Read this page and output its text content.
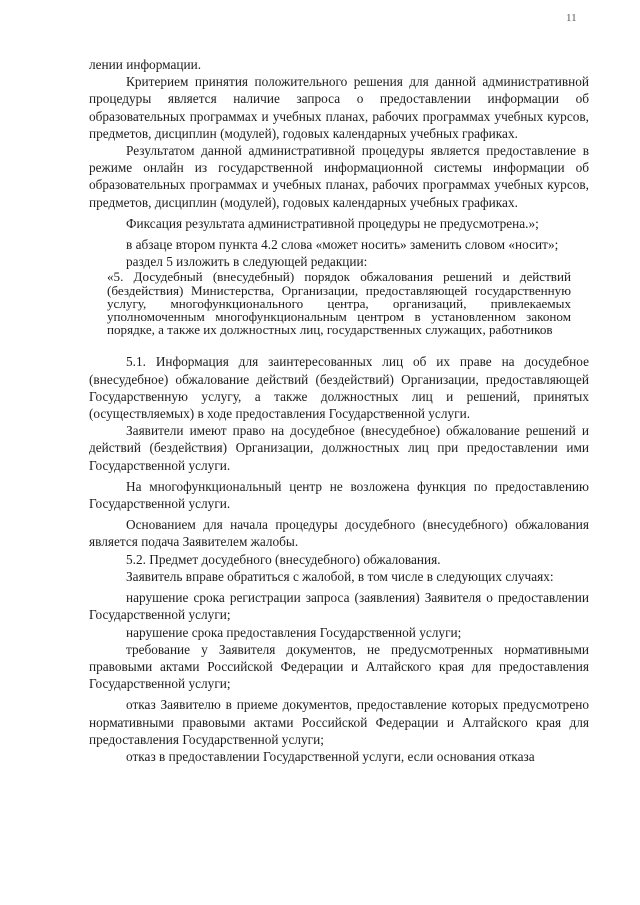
11

лении информации.

Критерием принятия положительного решения для данной административной процедуры является наличие запроса о предоставлении информации об образовательных программах и учебных планах, рабочих программах учебных курсов, предметов, дисциплин (модулей), годовых календарных учебных графиках.

Результатом данной административной процедуры является предоставление в режиме онлайн из государственной информационной системы информации об образовательных программах и учебных планах, рабочих программах учебных курсов, предметов, дисциплин (модулей), годовых календарных учебных графиках.

Фиксация результата административной процедуры не предусмотрена.»;

в абзаце втором пункта 4.2 слова «может носить» заменить словом «носит»;

раздел 5 изложить в следующей редакции:

«5. Досудебный (внесудебный) порядок обжалования решений и действий (бездействия) Министерства, Организации, предоставляющей государственную услугу, многофункционального центра, организаций, привлекаемых уполномоченным многофункциональным центром в установленном законом порядке, а также их должностных лиц, государственных служащих, работников

5.1. Информация для заинтересованных лиц об их праве на досудебное (внесудебное) обжалование действий (бездействий) Организации, предоставляющей Государственную услугу, а также должностных лиц и решений, принятых (осуществляемых) в ходе предоставления Государственной услуги.

Заявители имеют право на досудебное (внесудебное) обжалование решений и действий (бездействия) Организации, должностных лиц при предоставлении ими Государственной услуги.

На многофункциональный центр не возложена функция по предоставлению Государственной услуги.

Основанием для начала процедуры досудебного (внесудебного) обжалования является подача Заявителем жалобы.

5.2. Предмет досудебного (внесудебного) обжалования.

Заявитель вправе обратиться с жалобой, в том числе в следующих случаях:

нарушение срока регистрации запроса (заявления) Заявителя о предоставлении Государственной услуги;

нарушение срока предоставления Государственной услуги;

требование у Заявителя документов, не предусмотренных нормативными правовыми актами Российской Федерации и Алтайского края для предоставления Государственной услуги;

отказ Заявителю в приеме документов, предоставление которых предусмотрено нормативными правовыми актами Российской Федерации и Алтайского края для предоставления Государственной услуги;

отказ в предоставлении Государственной услуги, если основания отказа
